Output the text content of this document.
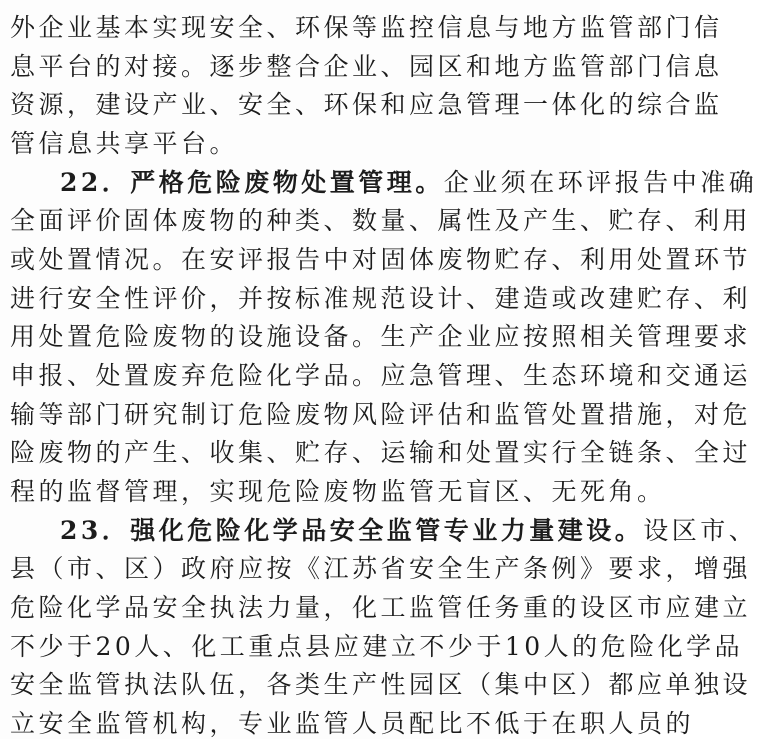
外企业基本实现安全、环保等监控信息与地方监管部门信
息平台的对接。逐步整合企业、园区和地方监管部门信息
资源，建设产业、安全、环保和应急管理一体化的综合监
管信息共享平台。
22．严格危险废物处置管理。企业须在环评报告中准确
全面评价固体废物的种类、数量、属性及产生、贮存、利用
或处置情况。在安评报告中对固体废物贮存、利用处置环节
进行安全性评价，并按标准规范设计、建造或改建贮存、利
用处置危险废物的设施设备。生产企业应按照相关管理要求
申报、处置废弃危险化学品。应急管理、生态环境和交通运
输等部门研究制订危险废物风险评估和监管处置措施，对危
险废物的产生、收集、贮存、运输和处置实行全链条、全过
程的监督管理，实现危险废物监管无盲区、无死角。
23．强化危险化学品安全监管专业力量建设。设区市、
县（市、区）政府应按《江苏省安全生产条例》要求，增强
危险化学品安全执法力量，化工监管任务重的设区市应建立
不少于20人、化工重点县应建立不少于10人的危险化学品
安全监管执法队伍，各类生产性园区（集中区）都应单独设
立安全监管机构，专业监管人员配比不低于在职人员的
